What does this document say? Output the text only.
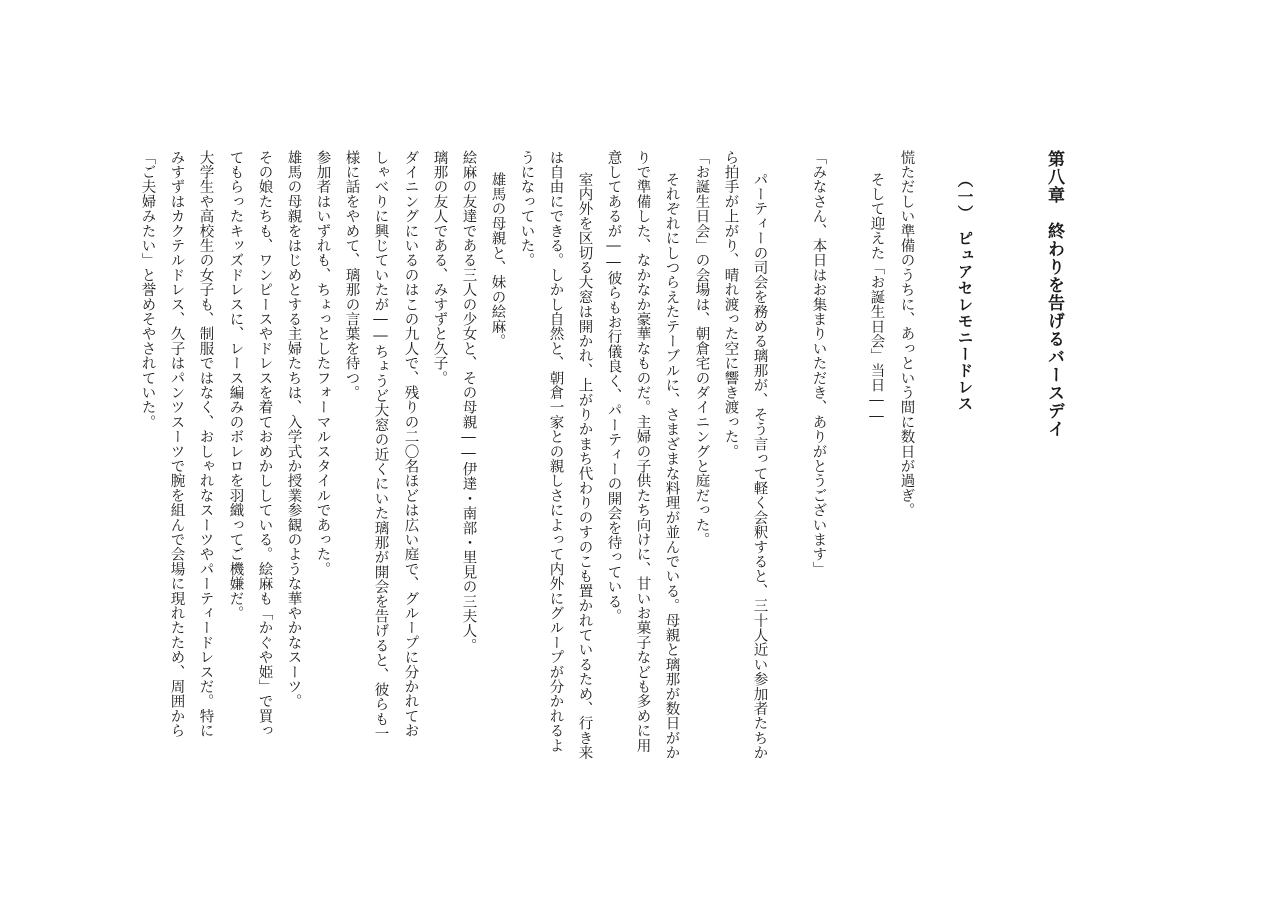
第八章　終わりを告げるバースデイ
（一）　ピュアセレモニードレス
慌ただしい準備のうちに、あっという間に数日が過ぎ。
そして迎えた「お誕生日会」当日――
「みなさん、本日はお集まりいただき、ありがとうございます」
パーティーの司会を務める璃那が、そう言って軽く会釈すると、三十人近い参加者たちか
ら拍手が上がり、晴れ渡った空に響き渡った。
「お誕生日会」の会場は、朝倉宅のダイニングと庭だった。
それぞれにしつらえたテーブルに、さまざまな料理が並んでいる。母親と璃那が数日がか
りで準備した、なかなか豪華なものだ。主婦の子供たち向けに、甘いお菓子なども多めに用
意してあるが――彼らもお行儀良く、パーティーの開会を待っている。
室内外を区切る大窓は開かれ、上がりかまち代わりのすのこも置かれているため、行き来
は自由にできる。しかし自然と、朝倉一家との親しさによって内外にグループが分かれるよ
うになっていた。
雄馬の母親と、妹の絵麻。
絵麻の友達である三人の少女と、その母親――伊達・南部・里見の三夫人。
璃那の友人である、みすずと久子。
ダイニングにいるのはこの九人で、残りの二〇名ほどは広い庭で、グループに分かれてお
しゃべりに興じていたが――ちょうど大窓の近くにいた璃那が開会を告げると、彼らも一
様に話をやめて、璃那の言葉を待つ。
参加者はいずれも、ちょっとしたフォーマルスタイルであった。
雄馬の母親をはじめとする主婦たちは、入学式か授業参観のような華やかなスーツ。
その娘たちも、ワンピースやドレスを着ておめかししている。絵麻も「かぐや姫」で買っ
てもらったキッズドレスに、レース編みのボレロを羽織ってご機嫌だ。
大学生や高校生の女子も、制服ではなく、おしゃれなスーツやパーティードレスだ。特に
みすずはカクテルドレス、久子はパンツスーツで腕を組んで会場に現れたため、周囲から
「ご夫婦みたい」と誉めそやされていた。
